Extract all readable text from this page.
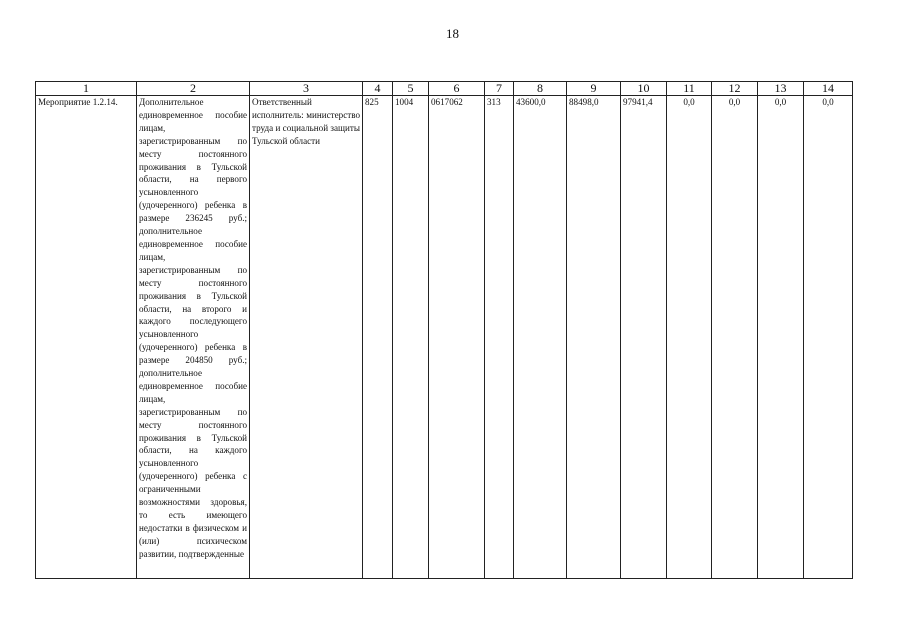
18
1	2	3	4	5	6	7	8	9	10	11	12	13	14
Мероприятие 1.2.14.	Дополнительное единовременное пособие лицам, зарегистрированным по месту постоянного проживания в Тульской области, на первого усыновленного (удочеренного) ребенка в размере 236245 руб.; дополнительное единовременное пособие лицам, зарегистрированным по месту постоянного проживания в Тульской области, на второго и каждого последующего усыновленного (удочеренного) ребенка в размере 204850 руб.; дополнительное единовременное пособие лицам, зарегистрированным по месту постоянного проживания в Тульской области, на каждого усыновленного (удочеренного) ребенка с ограниченными возможностями здоровья, то есть имеющего недостатки в физическом и (или) психическом развитии, подтвержденные	Ответственный исполнитель: министерство труда и социальной защиты Тульской области	825	1004	0617062	313	43600,0	88498,0	97941,4	0,0	0,0	0,0	0,0
